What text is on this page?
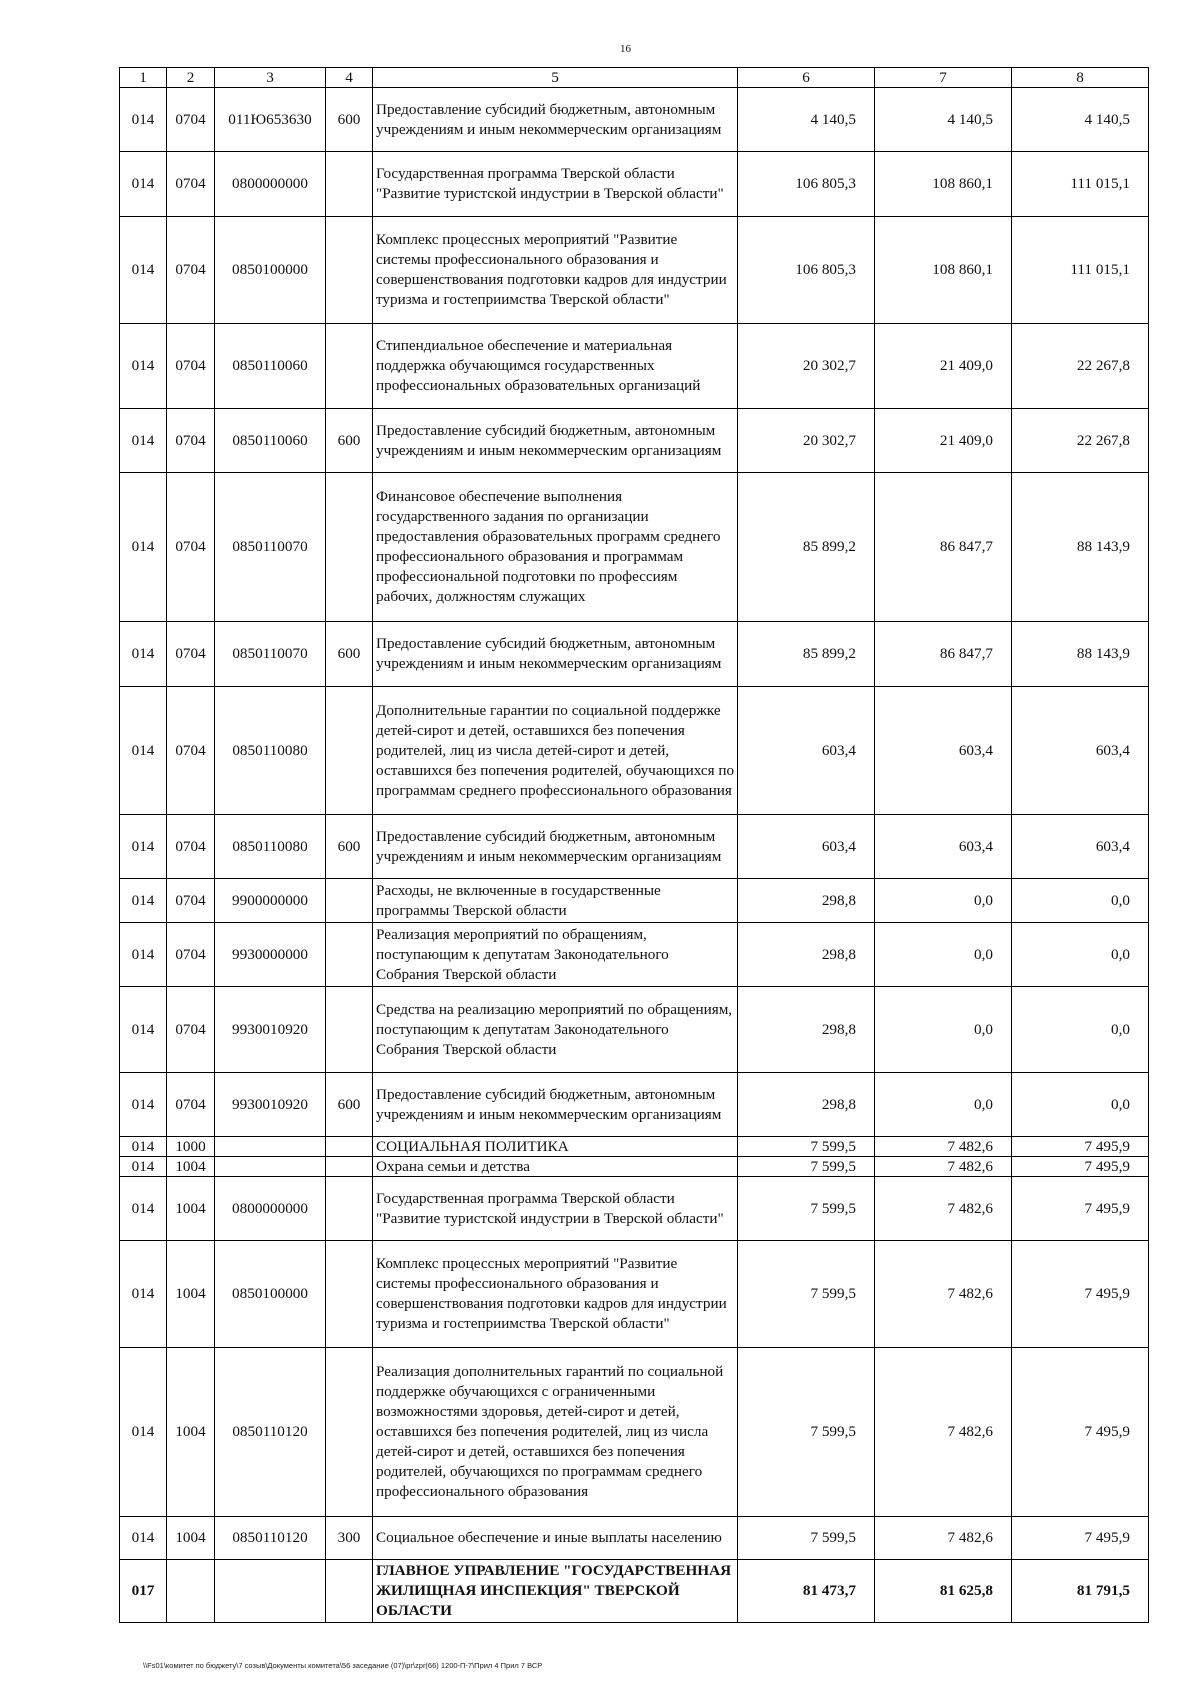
16
1	2	3	4	5	6	7	8
014	0704	011Ю653630	600	Предоставление субсидий бюджетным, автономным учреждениям и иным некоммерческим организациям	4 140,5	4 140,5	4 140,5
014	0704	0800000000		Государственная программа Тверской области "Развитие туристской индустрии в Тверской области"	106 805,3	108 860,1	111 015,1
014	0704	0850100000		Комплекс процессных мероприятий "Развитие системы профессионального образования и совершенствования подготовки кадров для индустрии туризма и гостеприимства Тверской области"	106 805,3	108 860,1	111 015,1
014	0704	0850110060		Стипендиальное обеспечение и материальная поддержка обучающимся государственных профессиональных образовательных организаций	20 302,7	21 409,0	22 267,8
014	0704	0850110060	600	Предоставление субсидий бюджетным, автономным учреждениям и иным некоммерческим организациям	20 302,7	21 409,0	22 267,8
014	0704	0850110070		Финансовое обеспечение выполнения государственного задания по организации предоставления образовательных программ среднего профессионального образования и программам профессиональной подготовки по профессиям рабочих, должностям служащих	85 899,2	86 847,7	88 143,9
014	0704	0850110070	600	Предоставление субсидий бюджетным, автономным учреждениям и иным некоммерческим организациям	85 899,2	86 847,7	88 143,9
014	0704	0850110080		Дополнительные гарантии по социальной поддержке детей-сирот и детей, оставшихся без попечения родителей, лиц из числа детей-сирот и детей, оставшихся без попечения родителей, обучающихся по программам среднего профессионального образования	603,4	603,4	603,4
014	0704	0850110080	600	Предоставление субсидий бюджетным, автономным учреждениям и иным некоммерческим организациям	603,4	603,4	603,4
014	0704	9900000000		Расходы, не включенные в государственные программы Тверской области	298,8	0,0	0,0
014	0704	9930000000		Реализация мероприятий по обращениям, поступающим к депутатам Законодательного Собрания Тверской области	298,8	0,0	0,0
014	0704	9930010920		Средства на реализацию мероприятий по обращениям, поступающим к депутатам Законодательного Собрания Тверской области	298,8	0,0	0,0
014	0704	9930010920	600	Предоставление субсидий бюджетным, автономным учреждениям и иным некоммерческим организациям	298,8	0,0	0,0
014	1000			СОЦИАЛЬНАЯ ПОЛИТИКА	7 599,5	7 482,6	7 495,9
014	1004			Охрана семьи и детства	7 599,5	7 482,6	7 495,9
014	1004	0800000000		Государственная программа Тверской области "Развитие туристской индустрии в Тверской области"	7 599,5	7 482,6	7 495,9
014	1004	0850100000		Комплекс процессных мероприятий "Развитие системы профессионального образования и совершенствования подготовки кадров для индустрии туризма и гостеприимства Тверской области"	7 599,5	7 482,6	7 495,9
014	1004	0850110120		Реализация дополнительных гарантий по социальной поддержке обучающихся с ограниченными возможностями здоровья, детей-сирот и детей, оставшихся без попечения родителей, лиц из числа детей-сирот и детей, оставшихся без попечения родителей, обучающихся по программам среднего профессионального образования	7 599,5	7 482,6	7 495,9
014	1004	0850110120	300	Социальное обеспечение и иные выплаты населению	7 599,5	7 482,6	7 495,9
017				ГЛАВНОЕ УПРАВЛЕНИЕ "ГОСУДАРСТВЕННАЯ ЖИЛИЩНАЯ ИНСПЕКЦИЯ" ТВЕРСКОЙ ОБЛАСТИ	81 473,7	81 625,8	81 791,5
\\Fs01\комитет по бюджету\7 созыв\Документы комитета\56 заседание (07)\pr\zpr(66) 1200-П-7\Прил 4 Прил 7 ВСР
